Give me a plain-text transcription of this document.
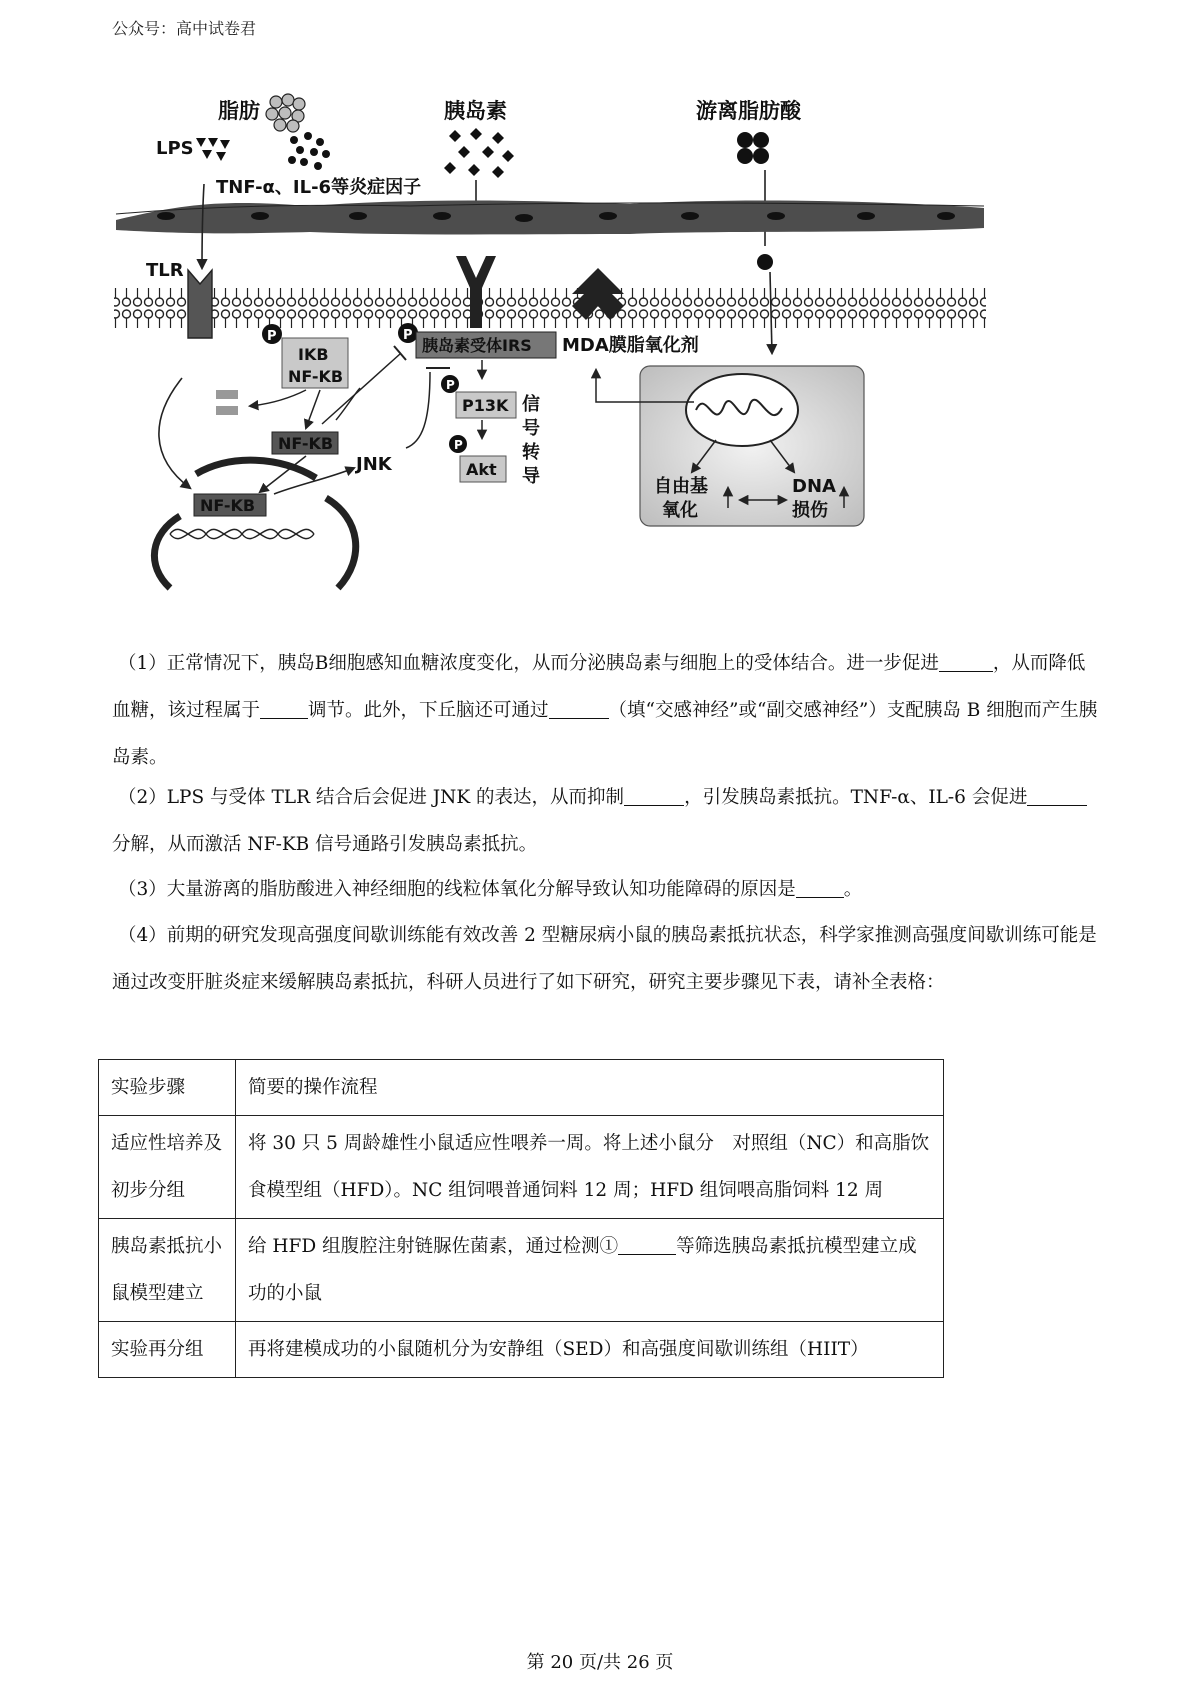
公众号：高中试卷君
脂肪
LPS
TNF-α、IL-6等炎症因子
胰岛素	游离脂肪酸
TLR
P
IKB
NF-KB
NF-KB
JNK
P
胰岛素受体IRS MDA膜脂氧化剂
P
P13K
P
Akt
信
号
转
导
NF-KB
自由基
氧化
DNA
损伤
（1）正常情况下，胰岛B细胞感知血糖浓度变化，从而分泌胰岛素与细胞上的受体结合。进一步促进	，从而降低血糖，该过程属于	调节。此外，下丘脑还可通过	（填“交感神经”或“副交感神经”）支配胰岛 B 细胞而产生胰岛素。
（2）LPS 与受体 TLR 结合后会促进 JNK 的表达，从而抑制	，引发胰岛素抵抗。TNF-α、IL-6 会促进分解，从而激活 NF-KB 信号通路引发胰岛素抵抗。
（3）大量游离的脂肪酸进入神经细胞的线粒体氧化分解导致认知功能障碍的原因是	。
（4）前期的研究发现高强度间歇训练能有效改善 2 型糖尿病小鼠的胰岛素抵抗状态，科学家推测高强度间歇训练可能是通过改变肝脏炎症来缓解胰岛素抵抗，科研人员进行了如下研究，研究主要步骤见下表，请补全表格：
实验步骤	简要的操作流程
适应性培养及初步分组	将 30 只 5 周龄雄性小鼠适应性喂养一周。将上述小鼠分　对照组（NC）和高脂饮食模型组（HFD）。NC 组饲喂普通饲料 12 周；HFD 组饲喂高脂饲料 12 周
胰岛素抵抗小鼠模型建立	给 HFD 组腹腔注射链脲佐菌素，通过检测① 等筛选胰岛素抵抗模型建立成功的小鼠
实验再分组	再将建模成功的小鼠随机分为安静组（SED）和高强度间歇训练组（HIIT）
第 20 页/共 26 页
